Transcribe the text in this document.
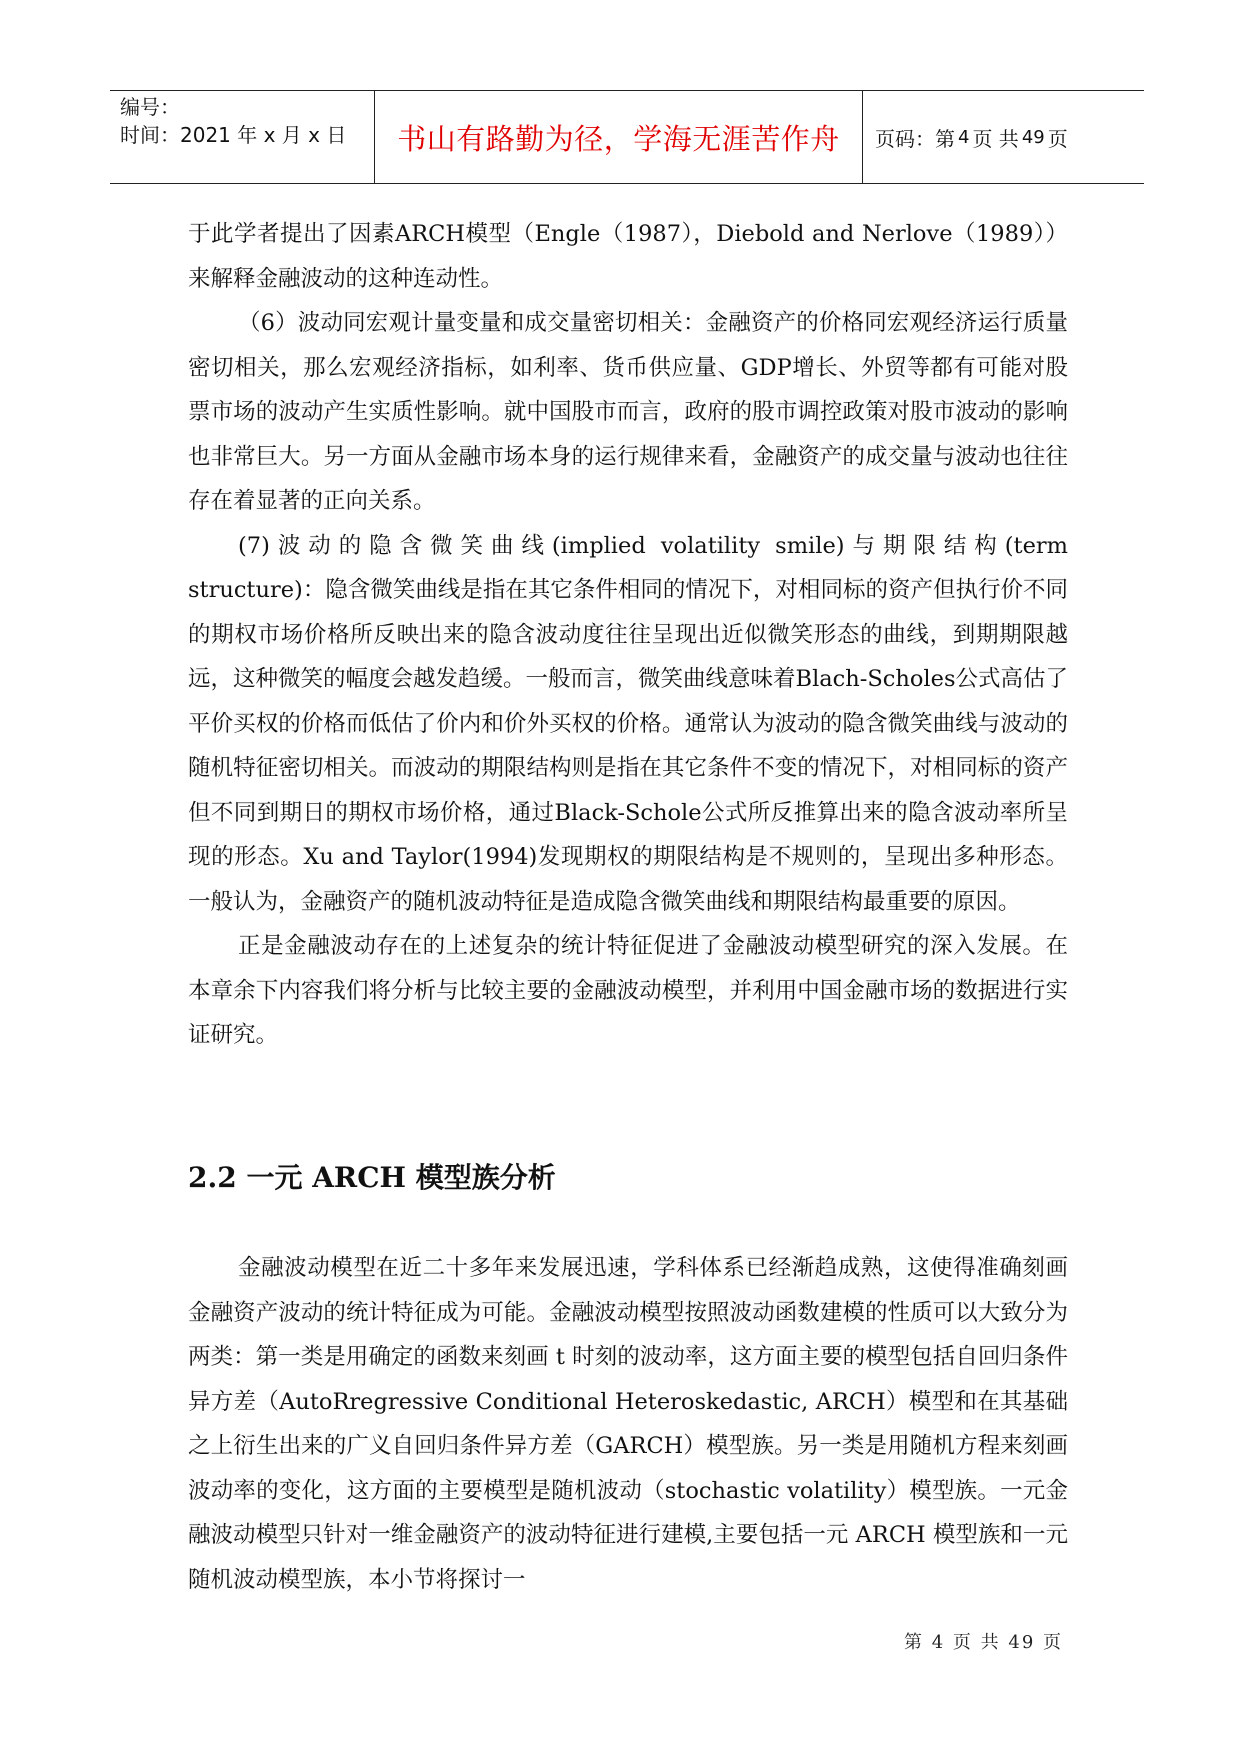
编号：
时间：2021 年 x 月 x 日	书山有路勤为径，学海无涯苦作舟 页码：第 4 页 共 49 页

于此学者提出了因素ARCH模型（Engle（1987），Diebold and Nerlove（1989））来解释金融波动的这种连动性。

（6）波动同宏观计量变量和成交量密切相关：金融资产的价格同宏观经济运行质量密切相关，那么宏观经济指标，如利率、货币供应量、GDP增长、外贸等都有可能对股票市场的波动产生实质性影响。就中国股市而言，政府的股市调控政策对股市波动的影响也非常巨大。另一方面从金融市场本身的运行规律来看，金融资产的成交量与波动也往往存在着显著的正向关系。

(7)波动的隐含微笑曲线(implied volatility smile)与期限结构(term structure)：隐含微笑曲线是指在其它条件相同的情况下，对相同标的资产但执行价不同的期权市场价格所反映出来的隐含波动度往往呈现出近似微笑形态的曲线，到期期限越远，这种微笑的幅度会越发趋缓。一般而言，微笑曲线意味着Blach-Scholes公式高估了平价买权的价格而低估了价内和价外买权的价格。通常认为波动的隐含微笑曲线与波动的随机特征密切相关。而波动的期限结构则是指在其它条件不变的情况下，对相同标的资产但不同到期日的期权市场价格，通过Black-Schole公式所反推算出来的隐含波动率所呈现的形态。Xu and Taylor(1994)发现期权的期限结构是不规则的，呈现出多种形态。一般认为，金融资产的随机波动特征是造成隐含微笑曲线和期限结构最重要的原因。

正是金融波动存在的上述复杂的统计特征促进了金融波动模型研究的深入发展。在本章余下内容我们将分析与比较主要的金融波动模型，并利用中国金融市场的数据进行实证研究。

2.2 一元 ARCH 模型族分析

金融波动模型在近二十多年来发展迅速，学科体系已经渐趋成熟，这使得准确刻画金融资产波动的统计特征成为可能。金融波动模型按照波动函数建模的性质可以大致分为两类：第一类是用确定的函数来刻画 t 时刻的波动率，这方面主要的模型包括自回归条件异方差（AutoRregressive Conditional Heteroskedastic, ARCH）模型和在其基础之上衍生出来的广义自回归条件异方差（GARCH）模型族。另一类是用随机方程来刻画波动率的变化，这方面的主要模型是随机波动（stochastic volatility）模型族。一元金融波动模型只针对一维金融资产的波动特征进行建模,主要包括一元 ARCH 模型族和一元随机波动模型族，本小节将探讨一

第 4 页 共 49 页
